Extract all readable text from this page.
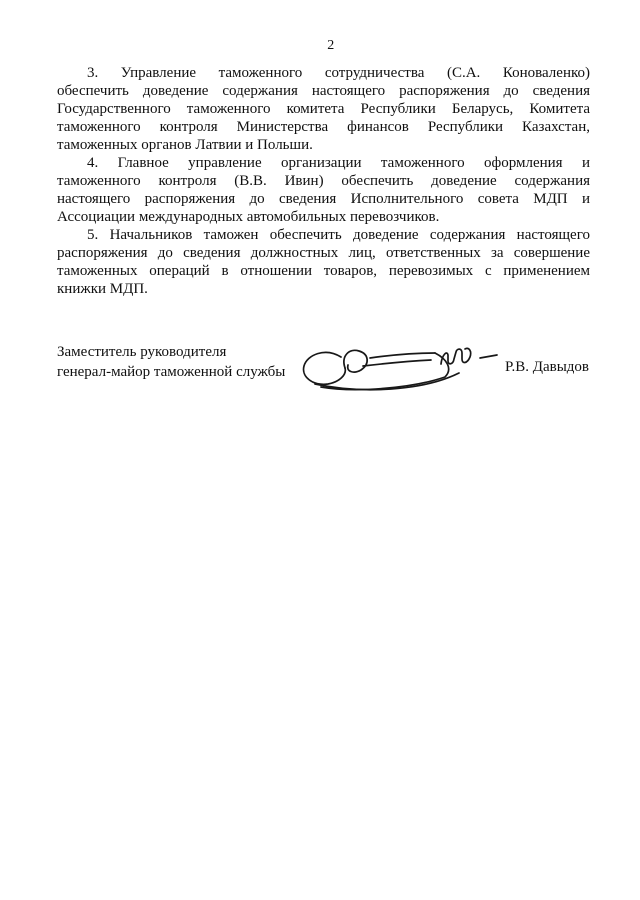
2
3. Управление таможенного сотрудничества (С.А. Коноваленко)
обеспечить доведение содержания настоящего распоряжения до сведения
Государственного таможенного комитета Республики Беларусь, Комитета
таможенного контроля Министерства финансов Республики Казахстан,
таможенных органов Латвии и Польши.
4. Главное управление организации таможенного оформления и
таможенного контроля (В.В. Ивин) обеспечить доведение содержания
настоящего распоряжения до сведения Исполнительного совета МДП и
Ассоциации международных автомобильных перевозчиков.
5. Начальников таможен обеспечить доведение содержания настоящего
распоряжения до сведения должностных лиц, ответственных за совершение
таможенных операций в отношении товаров, перевозимых с применением
книжки МДП.
Заместитель руководителя
генерал-майор таможенной службы	Р.В. Давыдов
